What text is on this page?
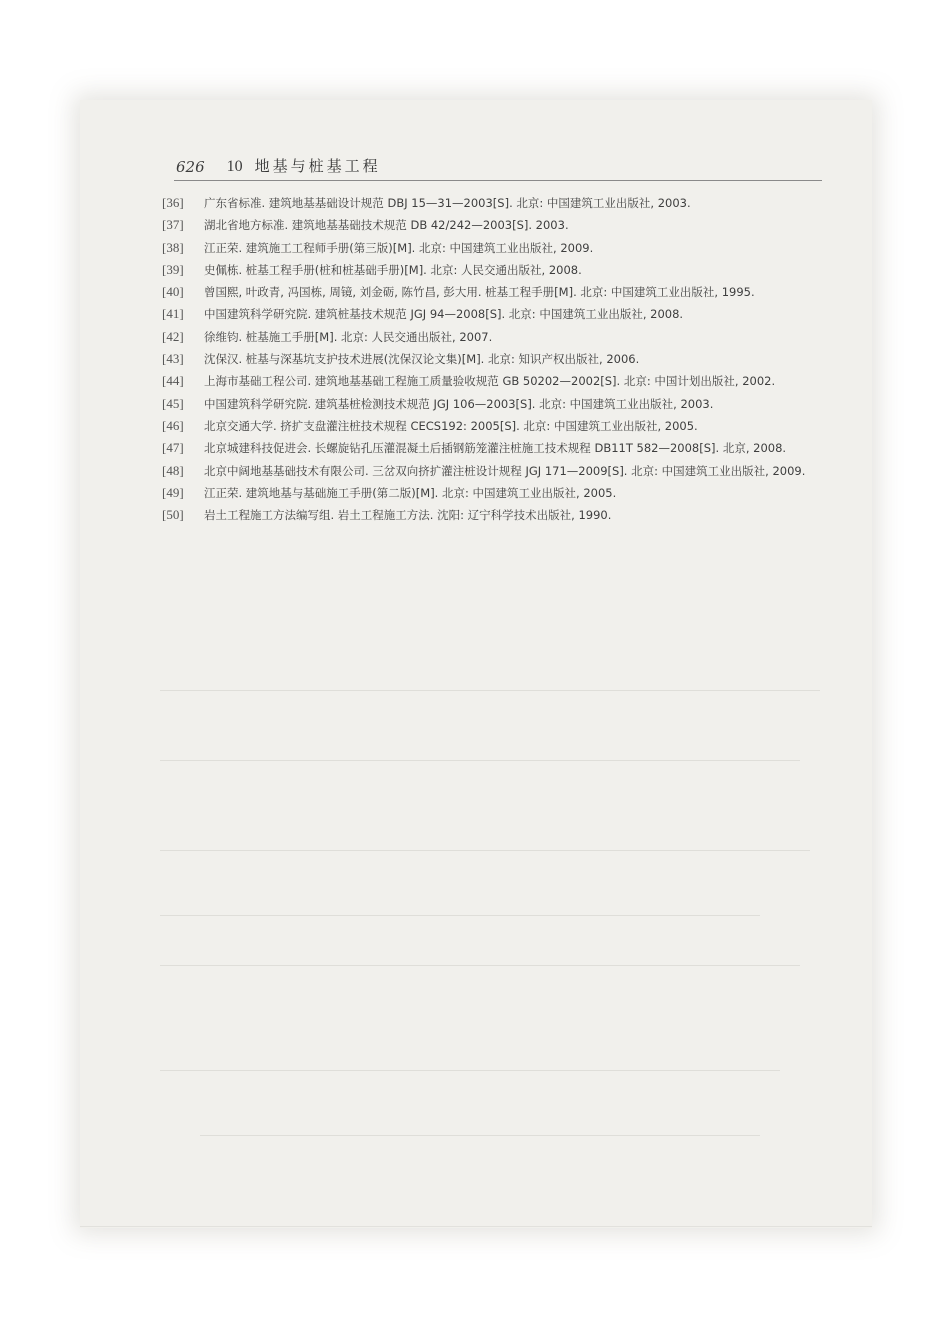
626 10 地基与桩基工程
[36]	广东省标准. 建筑地基基础设计规范 DBJ 15—31—2003[S]. 北京: 中国建筑工业出版社, 2003.
[37]	湖北省地方标准. 建筑地基基础技术规范 DB 42/242—2003[S]. 2003.
[38]	江正荣. 建筑施工工程师手册(第三版)[M]. 北京: 中国建筑工业出版社, 2009.
[39]	史佩栋. 桩基工程手册(桩和桩基础手册)[M]. 北京: 人民交通出版社, 2008.
[40]	曾国熙, 叶政青, 冯国栋, 周镜, 刘金砺, 陈竹昌, 彭大用. 桩基工程手册[M]. 北京: 中国建筑工业出版社, 1995.
[41]	中国建筑科学研究院. 建筑桩基技术规范 JGJ 94—2008[S]. 北京: 中国建筑工业出版社, 2008.
[42]	徐维钧. 桩基施工手册[M]. 北京: 人民交通出版社, 2007.
[43]	沈保汉. 桩基与深基坑支护技术进展(沈保汉论文集)[M]. 北京: 知识产权出版社, 2006.
[44]	上海市基础工程公司. 建筑地基基础工程施工质量验收规范 GB 50202—2002[S]. 北京: 中国计划出版社, 2002.
[45]	中国建筑科学研究院. 建筑基桩检测技术规范 JGJ 106—2003[S]. 北京: 中国建筑工业出版社, 2003.
[46]	北京交通大学. 挤扩支盘灌注桩技术规程 CECS192: 2005[S]. 北京: 中国建筑工业出版社, 2005.
[47]	北京城建科技促进会. 长螺旋钻孔压灌混凝土后插钢筋笼灌注桩施工技术规程 DB11T 582—2008[S]. 北京, 2008.
[48]	北京中阔地基基础技术有限公司. 三岔双向挤扩灌注桩设计规程 JGJ 171—2009[S]. 北京: 中国建筑工业出版社, 2009.
[49]	江正荣. 建筑地基与基础施工手册(第二版)[M]. 北京: 中国建筑工业出版社, 2005.
[50]	岩土工程施工方法编写组. 岩土工程施工方法. 沈阳: 辽宁科学技术出版社, 1990.
